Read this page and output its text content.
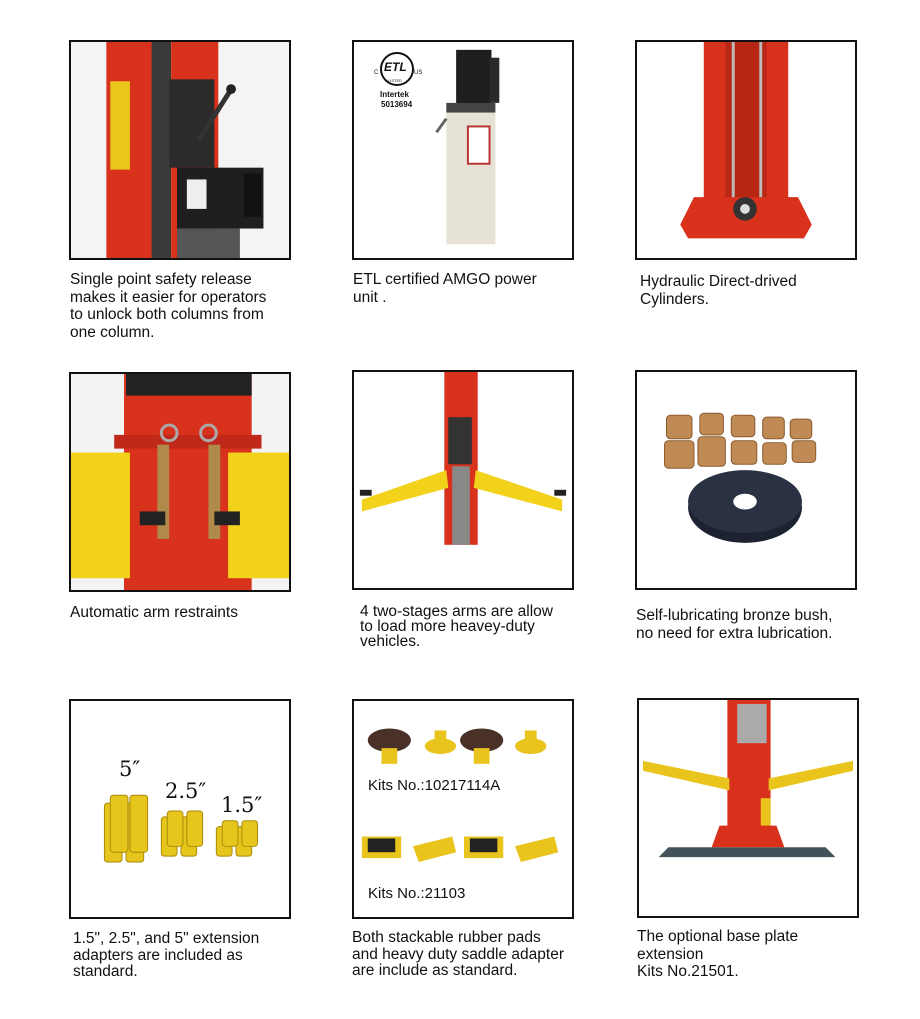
Single point safety release
makes it easier for operators
to unlock both columns from
one column.
ETL
C	US
LISTED
Intertek
5013694
ETL certified AMGO power
unit .
Hydraulic Direct-drived
Cylinders.
Automatic arm restraints	4 two-stages arms are allow
to load more heavey-duty
vehicles.
Self-lubricating bronze bush,
no need for extra lubrication.
5″
2.5″
1.5″
1.5", 2.5", and 5" extension
adapters are included as
standard.
Kits No.:10217114A
Kits No.:21103
Both stackable rubber pads
and heavy duty saddle adapter
are include as standard.
The optional base plate
extension
Kits No.21501.
